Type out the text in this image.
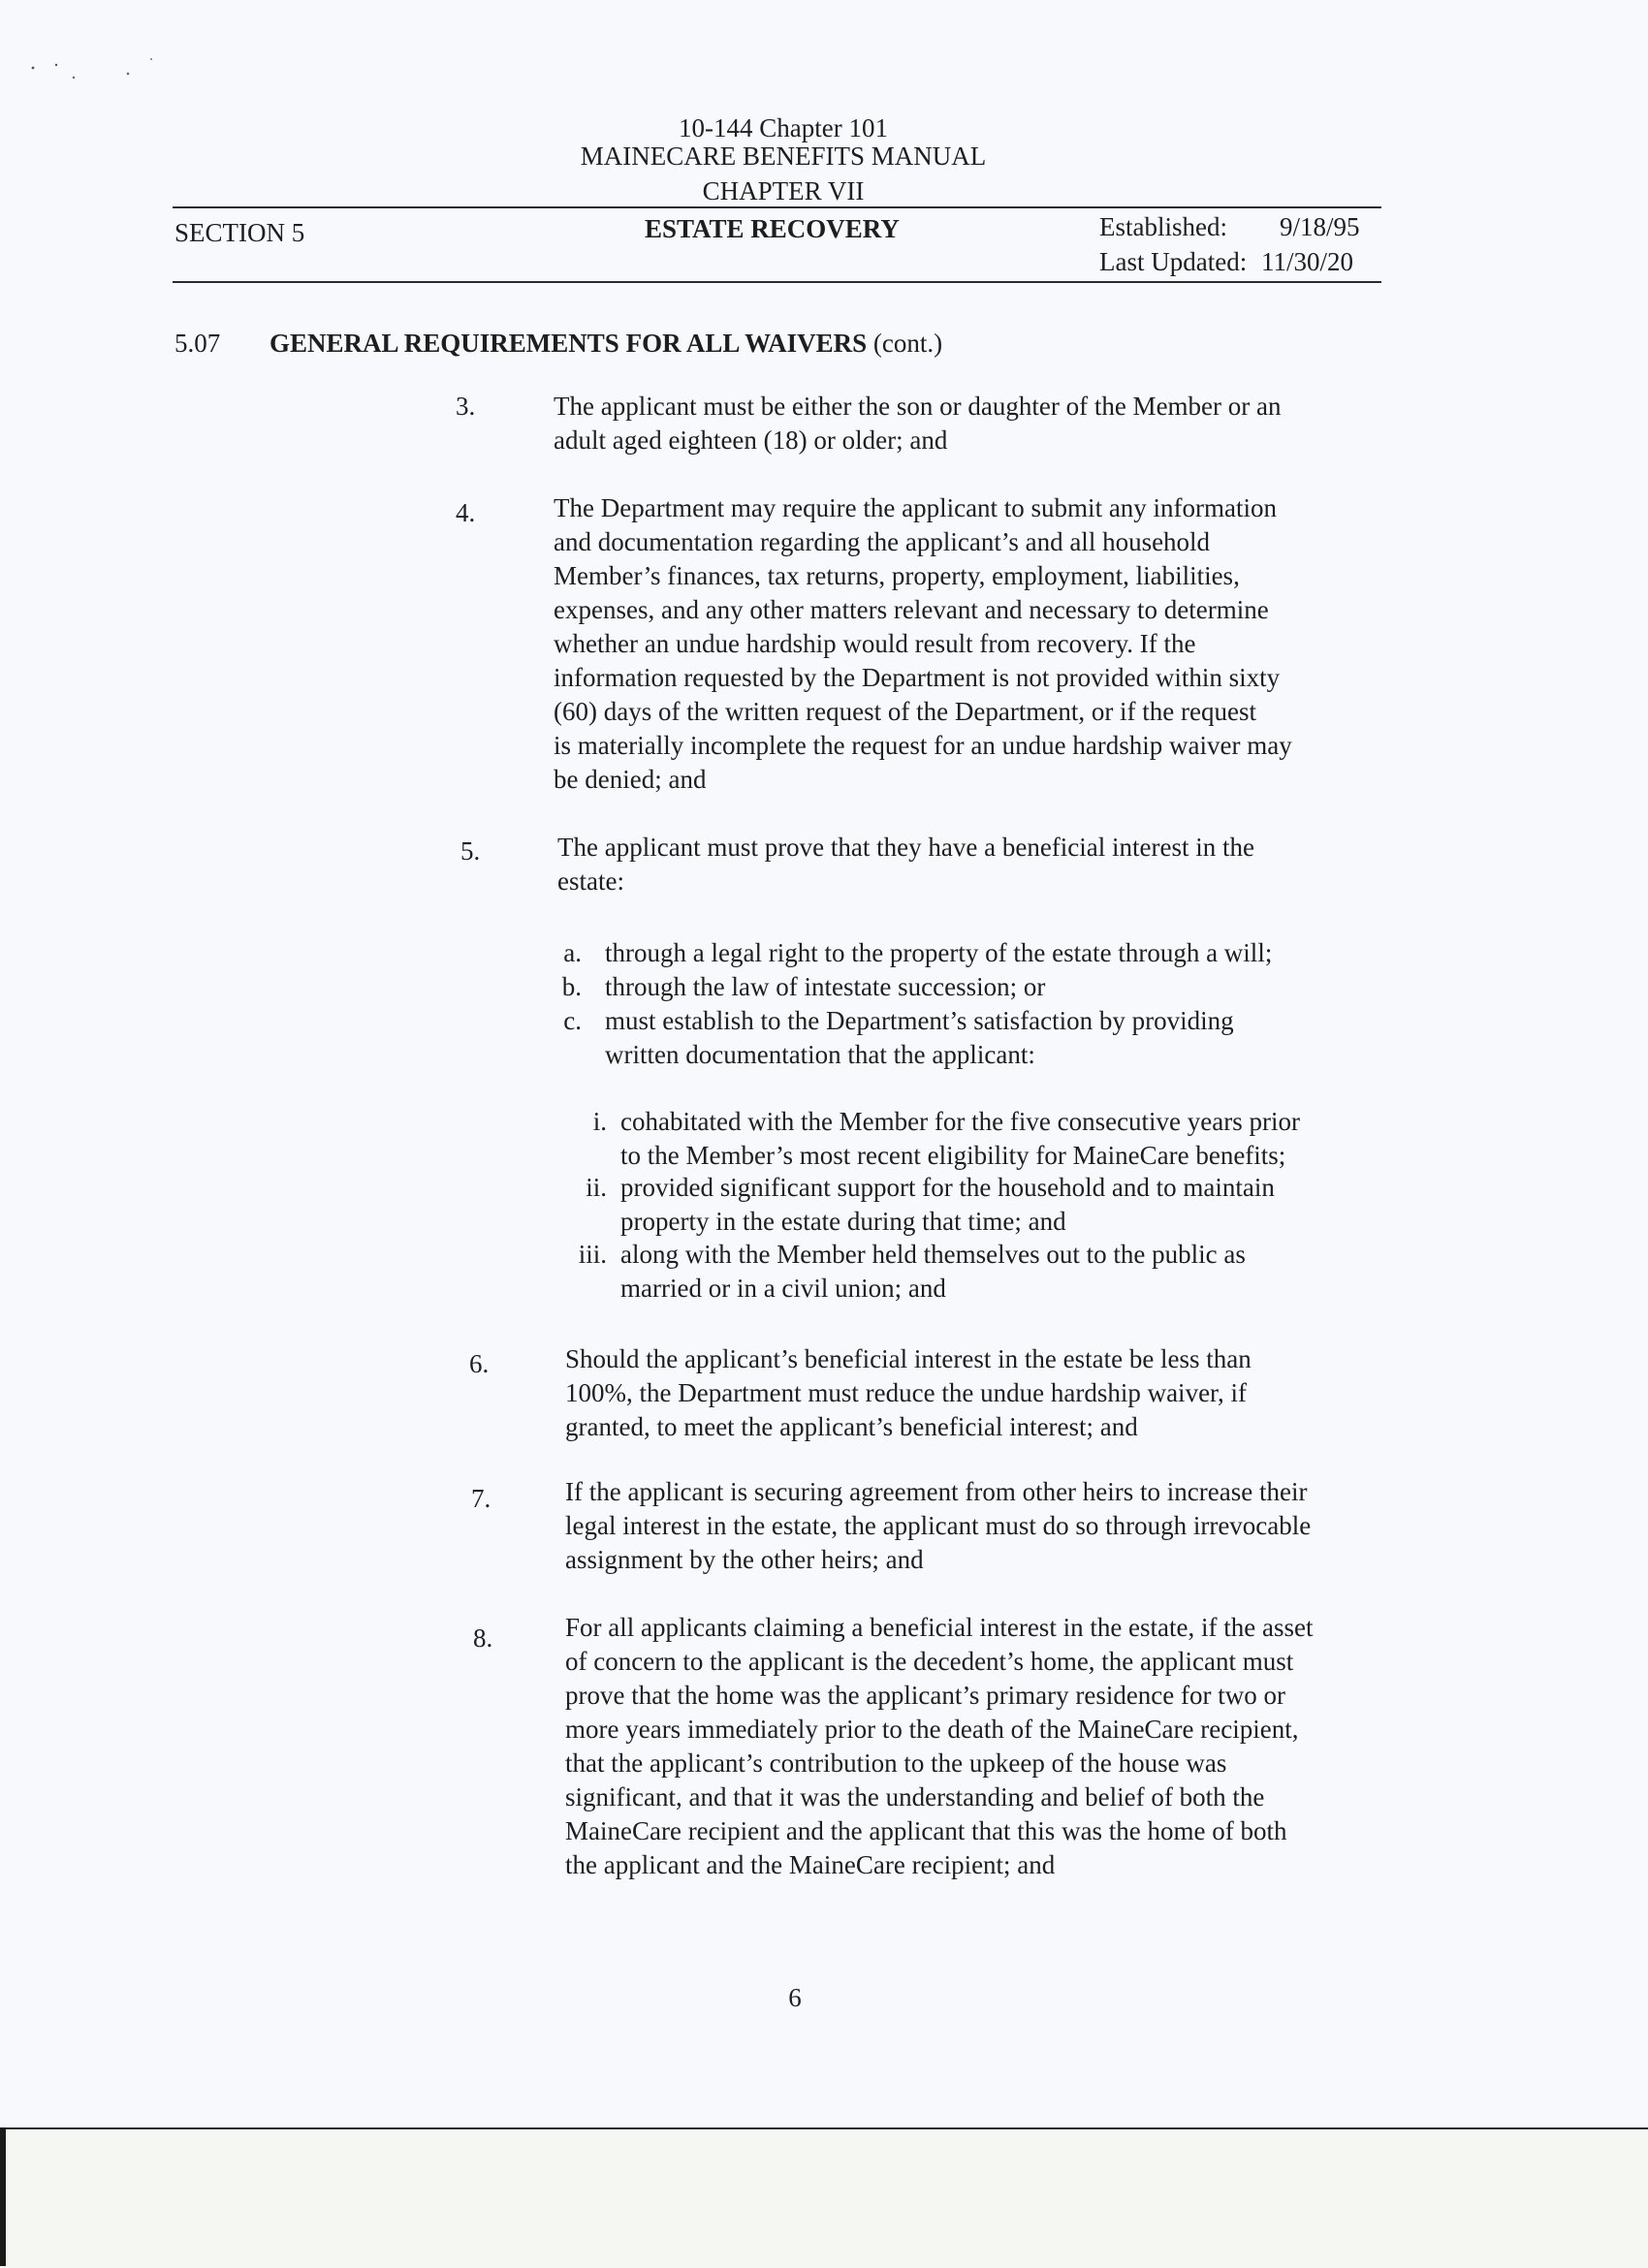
10-144 Chapter 101
MAINECARE BENEFITS MANUAL
CHAPTER VII
SECTION 5	ESTATE RECOVERY	Established: 9/18/95
Last Updated: 11/30/20
5.07 GENERAL REQUIREMENTS FOR ALL WAIVERS (cont.)
3.	The applicant must be either the son or daughter of the Member or an
adult aged eighteen (18) or older; and
4.	The Department may require the applicant to submit any information
and documentation regarding the applicant’s and all household
Member’s finances, tax returns, property, employment, liabilities,
expenses, and any other matters relevant and necessary to determine
whether an undue hardship would result from recovery. If the
information requested by the Department is not provided within sixty
(60) days of the written request of the Department, or if the request
is materially incomplete the request for an undue hardship waiver may
be denied; and
5.	The applicant must prove that they have a beneficial interest in the
estate:
a. through a legal right to the property of the estate through a will;
b. through the law of intestate succession; or
c. must establish to the Department’s satisfaction by providing
written documentation that the applicant:
i. cohabitated with the Member for the five consecutive years prior
to the Member’s most recent eligibility for MaineCare benefits;
ii. provided significant support for the household and to maintain
property in the estate during that time; and
iii. along with the Member held themselves out to the public as
married or in a civil union; and
6.	Should the applicant’s beneficial interest in the estate be less than
100%, the Department must reduce the undue hardship waiver, if
granted, to meet the applicant’s beneficial interest; and
7.	If the applicant is securing agreement from other heirs to increase their
legal interest in the estate, the applicant must do so through irrevocable
assignment by the other heirs; and
8.	For all applicants claiming a beneficial interest in the estate, if the asset
of concern to the applicant is the decedent’s home, the applicant must
prove that the home was the applicant’s primary residence for two or
more years immediately prior to the death of the MaineCare recipient,
that the applicant’s contribution to the upkeep of the house was
significant, and that it was the understanding and belief of both the
MaineCare recipient and the applicant that this was the home of both
the applicant and the MaineCare recipient; and
6
